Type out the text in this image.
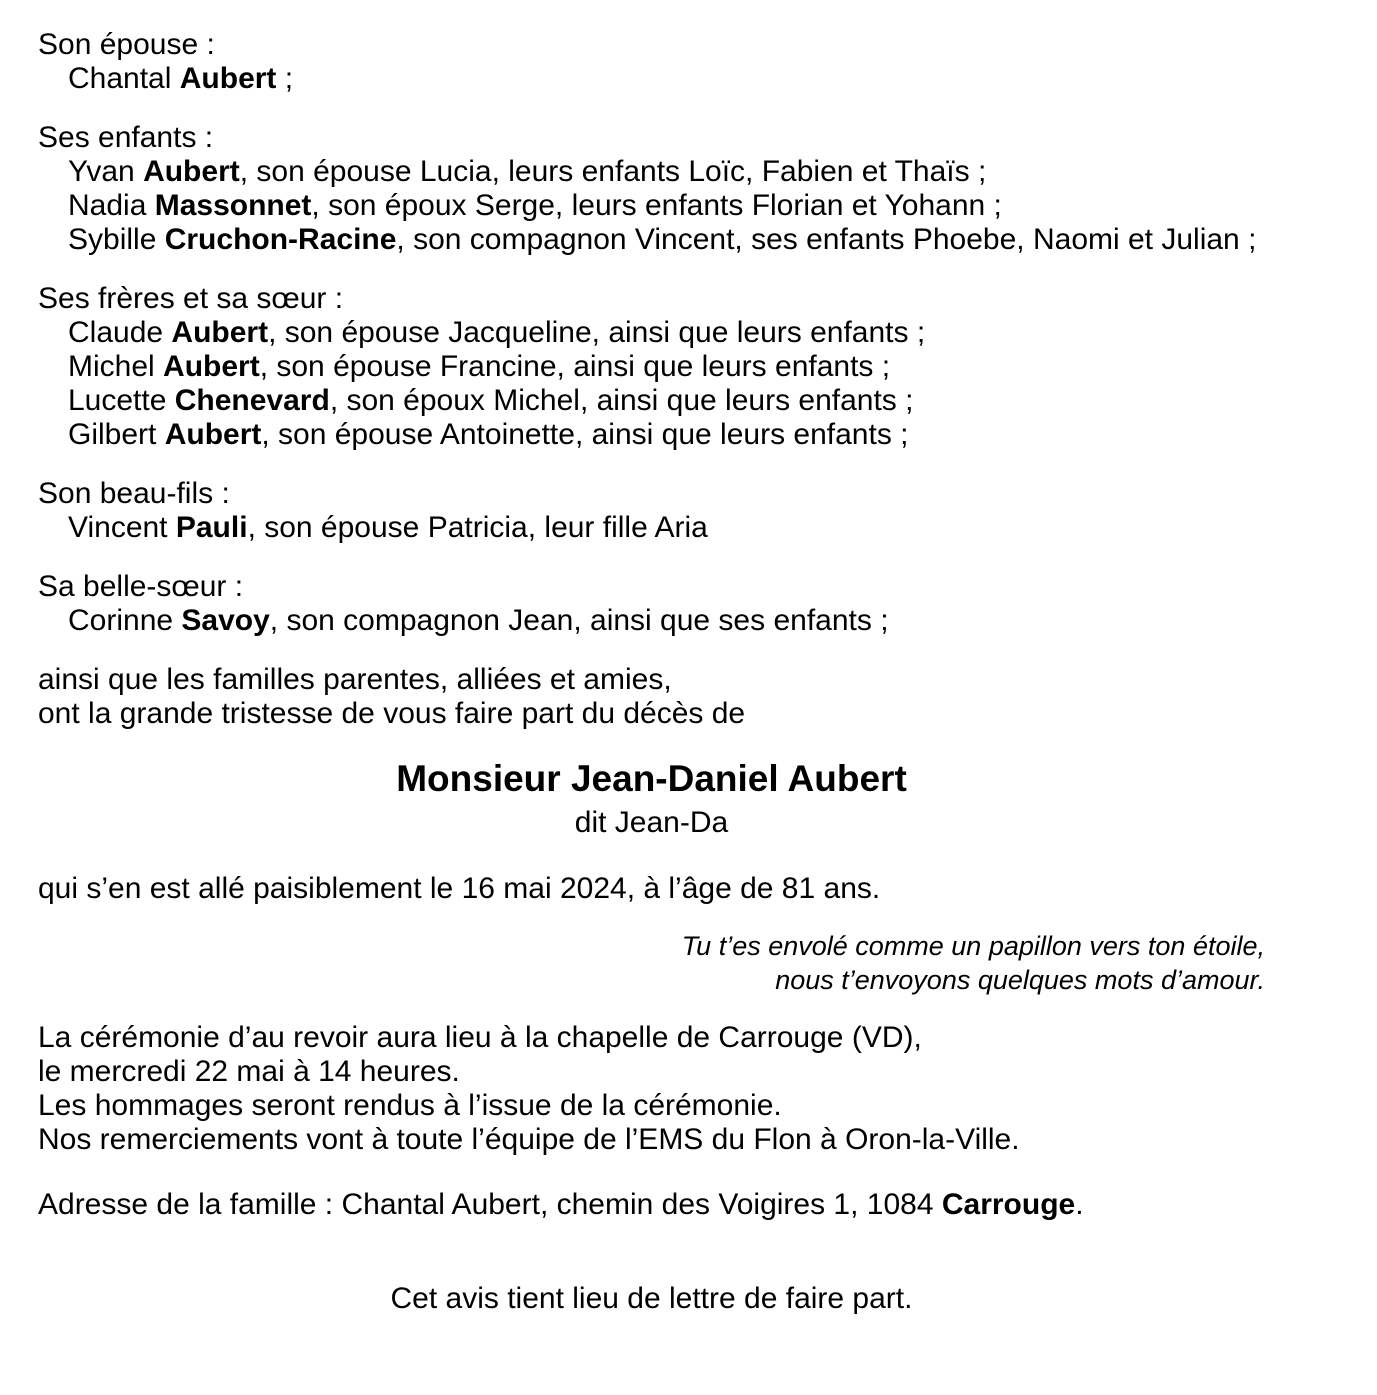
Son épouse :
Chantal Aubert ;
Ses enfants :
Yvan Aubert, son épouse Lucia, leurs enfants Loïc, Fabien et Thaïs ;
Nadia Massonnet, son époux Serge, leurs enfants Florian et Yohann ;
Sybille Cruchon-Racine, son compagnon Vincent, ses enfants Phoebe, Naomi et Julian ;
Ses frères et sa sœur :
Claude Aubert, son épouse Jacqueline, ainsi que leurs enfants ;
Michel Aubert, son épouse Francine, ainsi que leurs enfants ;
Lucette Chenevard, son époux Michel, ainsi que leurs enfants ;
Gilbert Aubert, son épouse Antoinette, ainsi que leurs enfants ;
Son beau-fils :
Vincent Pauli, son épouse Patricia, leur fille Aria
Sa belle-sœur :
Corinne Savoy, son compagnon Jean, ainsi que ses enfants ;
ainsi que les familles parentes, alliées et amies,
ont la grande tristesse de vous faire part du décès de
Monsieur Jean-Daniel Aubert
dit Jean-Da
qui s’en est allé paisiblement le 16 mai 2024, à l’âge de 81 ans.
Tu t’es envolé comme un papillon vers ton étoile,
nous t’envoyons quelques mots d’amour.
La cérémonie d’au revoir aura lieu à la chapelle de Carrouge (VD),
le mercredi 22 mai à 14 heures.
Les hommages seront rendus à l’issue de la cérémonie.
Nos remerciements vont à toute l’équipe de l’EMS du Flon à Oron-la-Ville.
Adresse de la famille : Chantal Aubert, chemin des Voigires 1, 1084 Carrouge.
Cet avis tient lieu de lettre de faire part.
